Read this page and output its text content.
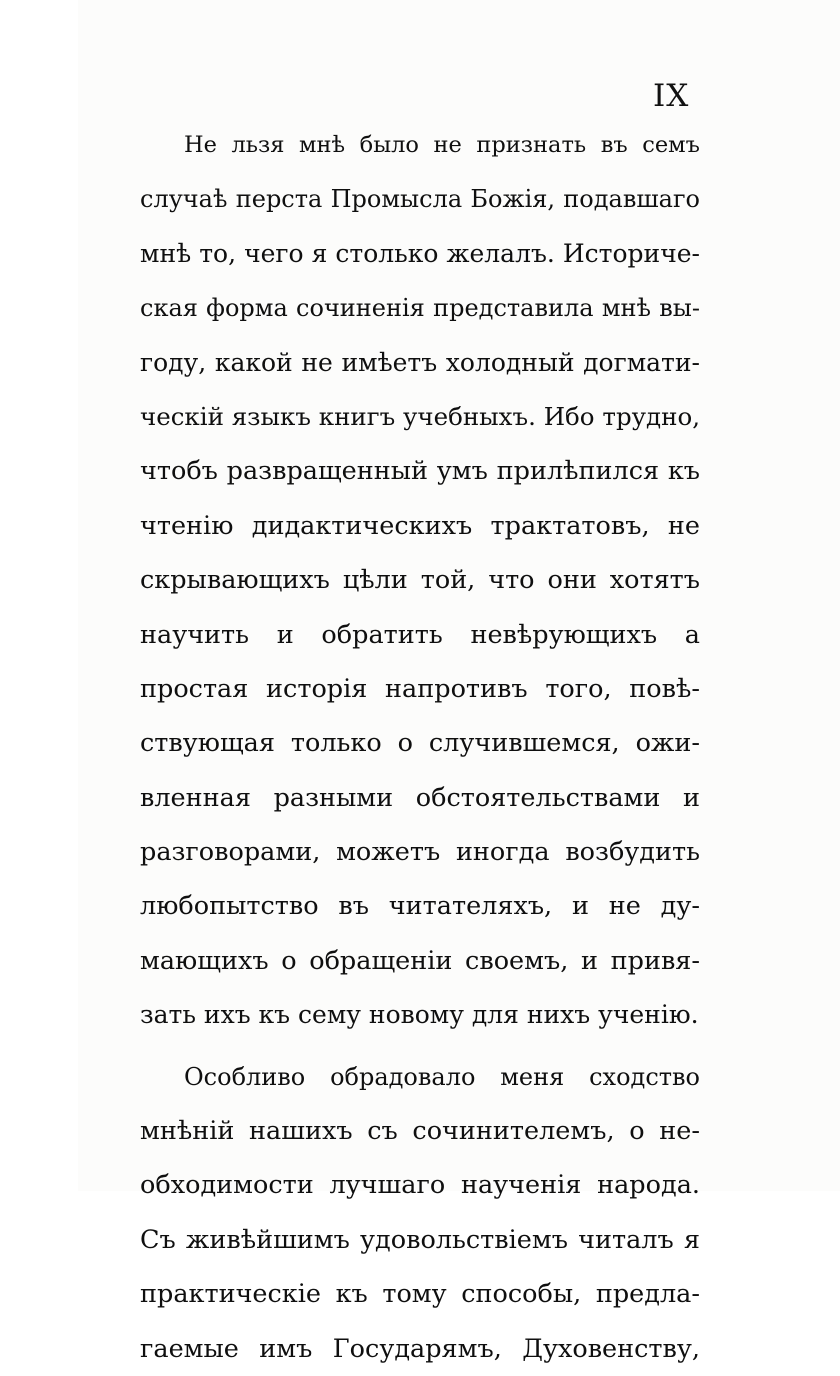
IX
Не льзя мнѣ было не признать въ семъ
случаѣ перста Промысла Божія, подавшаго
мнѣ то, чего я столько желалъ. Историче-
ская форма сочиненія представила мнѣ вы-
году, какой не имѣетъ холодный догмати-
ческій языкъ книгъ учебныхъ. Ибо трудно,
чтобъ развращенный умъ прилѣпился къ
чтенію дидактическихъ трактатовъ, не
скрывающихъ цѣли той, что они хотятъ
научить и обратить невѣрующихъ а
простая исторія напротивъ того, повѣ-
ствующая только о случившемся, ожи-
вленная разными обстоятельствами и
разговорами, можетъ иногда возбудить
любопытство въ читателяхъ, и не ду-
мающихъ о обращеніи своемъ, и привя-
зать ихъ къ сему новому для нихъ ученію.
Особливо обрадовало меня сходство
мнѣній нашихъ съ сочинителемъ, о не-
обходимости лучшаго наученія народа.
Съ живѣйшимъ удовольствіемъ читалъ я
практическіе къ тому способы, предла-
гаемые имъ Государямъ, Духовенству,
